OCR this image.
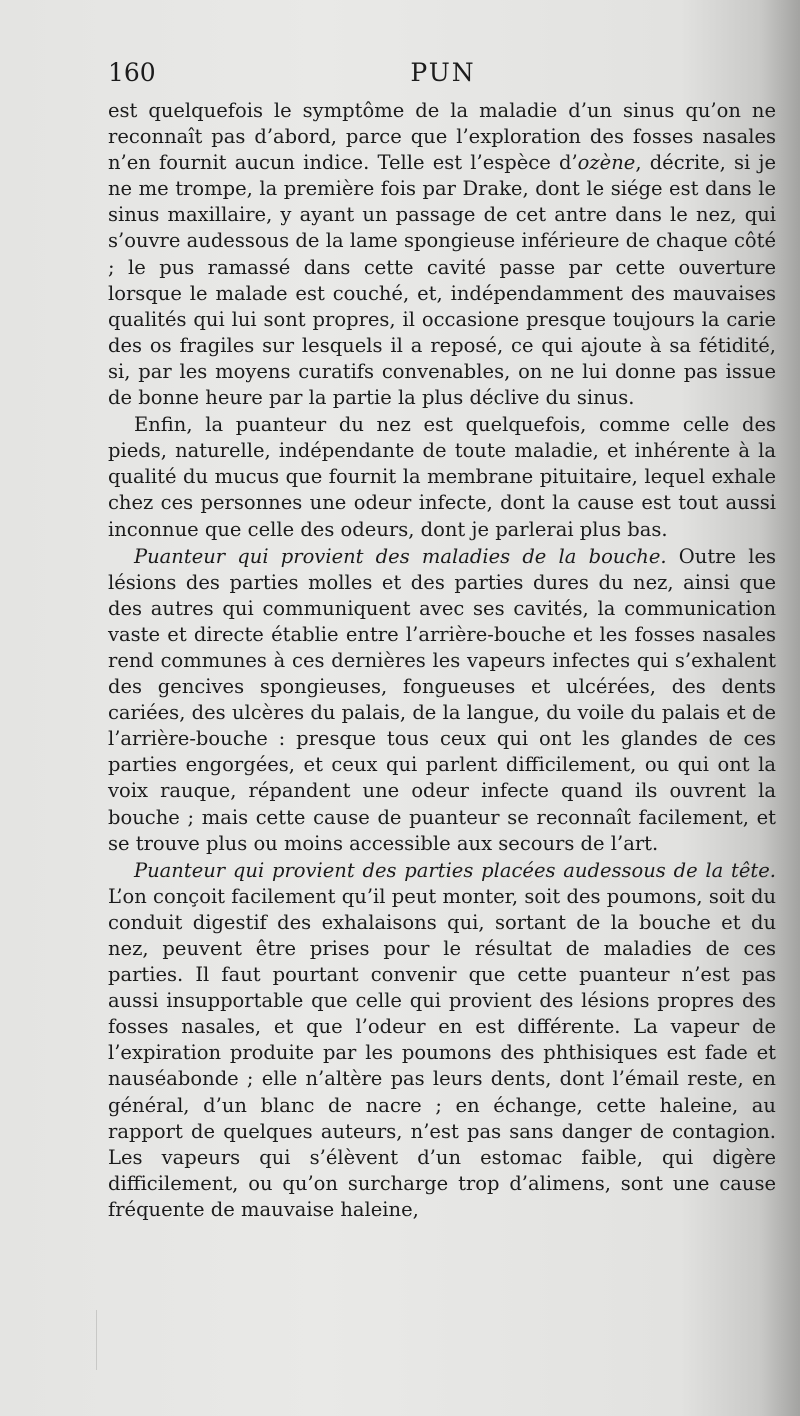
160	PUN

est quelquefois le symptôme de la maladie d’un sinus qu’on ne reconnaît pas d’abord, parce que l’exploration des fosses nasales n’en fournit aucun indice. Telle est l’espèce d’ozène, décrite, si je ne me trompe, la première fois par Drake, dont le siége est dans le sinus maxillaire, y ayant un passage de cet antre dans le nez, qui s’ouvre audessous de la lame spongieuse inférieure de chaque côté ; le pus ramassé dans cette cavité passe par cette ouverture lorsque le malade est couché, et, indépendamment des mauvaises qualités qui lui sont propres, il occasione presque toujours la carie des os fragiles sur lesquels il a reposé, ce qui ajoute à sa fétidité, si, par les moyens curatifs convenables, on ne lui donne pas issue de bonne heure par la partie la plus déclive du sinus.

Enfin, la puanteur du nez est quelquefois, comme celle des pieds, naturelle, indépendante de toute maladie, et inhérente à la qualité du mucus que fournit la membrane pituitaire, lequel exhale chez ces personnes une odeur infecte, dont la cause est tout aussi inconnue que celle des odeurs, dont je parlerai plus bas.

Puanteur qui provient des maladies de la bouche. Outre les lésions des parties molles et des parties dures du nez, ainsi que des autres qui communiquent avec ses cavités, la communication vaste et directe établie entre l’arrière-bouche et les fosses nasales rend communes à ces dernières les vapeurs infectes qui s’exhalent des gencives spongieuses, fongueuses et ulcérées, des dents cariées, des ulcères du palais, de la langue, du voile du palais et de l’arrière-bouche : presque tous ceux qui ont les glandes de ces parties engorgées, et ceux qui parlent difficilement, ou qui ont la voix rauque, répandent une odeur infecte quand ils ouvrent la bouche ; mais cette cause de puanteur se reconnaît facilement, et se trouve plus ou moins accessible aux secours de l’art.

Puanteur qui provient des parties placées audessous de la tête. L’on conçoit facilement qu’il peut monter, soit des poumons, soit du conduit digestif des exhalaisons qui, sortant de la bouche et du nez, peuvent être prises pour le résultat de maladies de ces parties. Il faut pourtant convenir que cette puanteur n’est pas aussi insupportable que celle qui provient des lésions propres des fosses nasales, et que l’odeur en est différente. La vapeur de l’expiration produite par les poumons des phthisiques est fade et nauséabonde ; elle n’altère pas leurs dents, dont l’émail reste, en général, d’un blanc de nacre ; en échange, cette haleine, au rapport de quelques auteurs, n’est pas sans danger de contagion. Les vapeurs qui s’élèvent d’un estomac faible, qui digère difficilement, ou qu’on surcharge trop d’alimens, sont une cause fréquente de mauvaise haleine,
